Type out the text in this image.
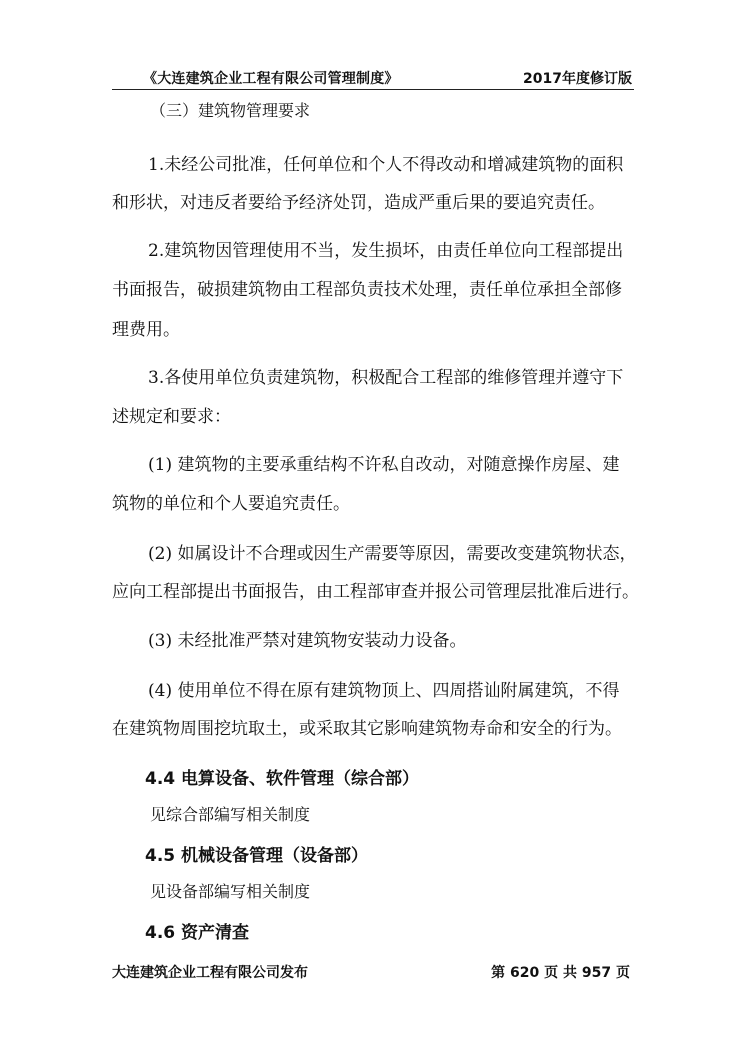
《大连建筑企业工程有限公司管理制度》	2017年度修订版
（三）建筑物管理要求
1.未经公司批准，任何单位和个人不得改动和增减建筑物的面积
和形状，对违反者要给予经济处罚，造成严重后果的要追究责任。
2.建筑物因管理使用不当，发生损坏，由责任单位向工程部提出
书面报告，破损建筑物由工程部负责技术处理，责任单位承担全部修
理费用。
3.各使用单位负责建筑物，积极配合工程部的维修管理并遵守下
述规定和要求：
(1) 建筑物的主要承重结构不许私自改动，对随意操作房屋、建
筑物的单位和个人要追究责任。
(2) 如属设计不合理或因生产需要等原因，需要改变建筑物状态，
应向工程部提出书面报告，由工程部审查并报公司管理层批准后进行。
(3) 未经批准严禁对建筑物安装动力设备。
(4) 使用单位不得在原有建筑物顶上、四周搭讪附属建筑，不得
在建筑物周围挖坑取土，或采取其它影响建筑物寿命和安全的行为。
4.4 电算设备、软件管理（综合部）
见综合部编写相关制度
4.5 机械设备管理（设备部）
见设备部编写相关制度
4.6 资产清查
大连建筑企业工程有限公司发布	第 620 页 共 957 页
